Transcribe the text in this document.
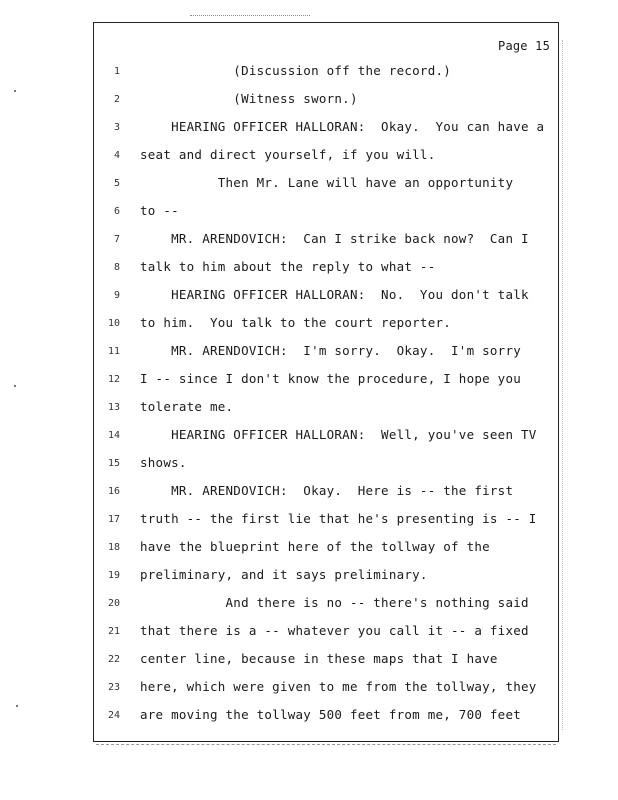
Page 15
1 (Discussion off the record.)
2 (Witness sworn.)
3 HEARING OFFICER HALLORAN:  Okay.  You can have a
4 seat and direct yourself, if you will.
5 Then Mr. Lane will have an opportunity
6 to --
7 MR. ARENDOVICH:  Can I strike back now?  Can I
8 talk to him about the reply to what --
9 HEARING OFFICER HALLORAN:  No.  You don't talk
10 to him.  You talk to the court reporter.
11 MR. ARENDOVICH:  I'm sorry.  Okay.  I'm sorry
12 I -- since I don't know the procedure, I hope you
13 tolerate me.
14 HEARING OFFICER HALLORAN:  Well, you've seen TV
15 shows.
16 MR. ARENDOVICH:  Okay.  Here is -- the first
17 truth -- the first lie that he's presenting is -- I
18 have the blueprint here of the tollway of the
19 preliminary, and it says preliminary.
20 And there is no -- there's nothing said
21 that there is a -- whatever you call it -- a fixed
22 center line, because in these maps that I have
23 here, which were given to me from the tollway, they
24 are moving the tollway 500 feet from me, 700 feet
